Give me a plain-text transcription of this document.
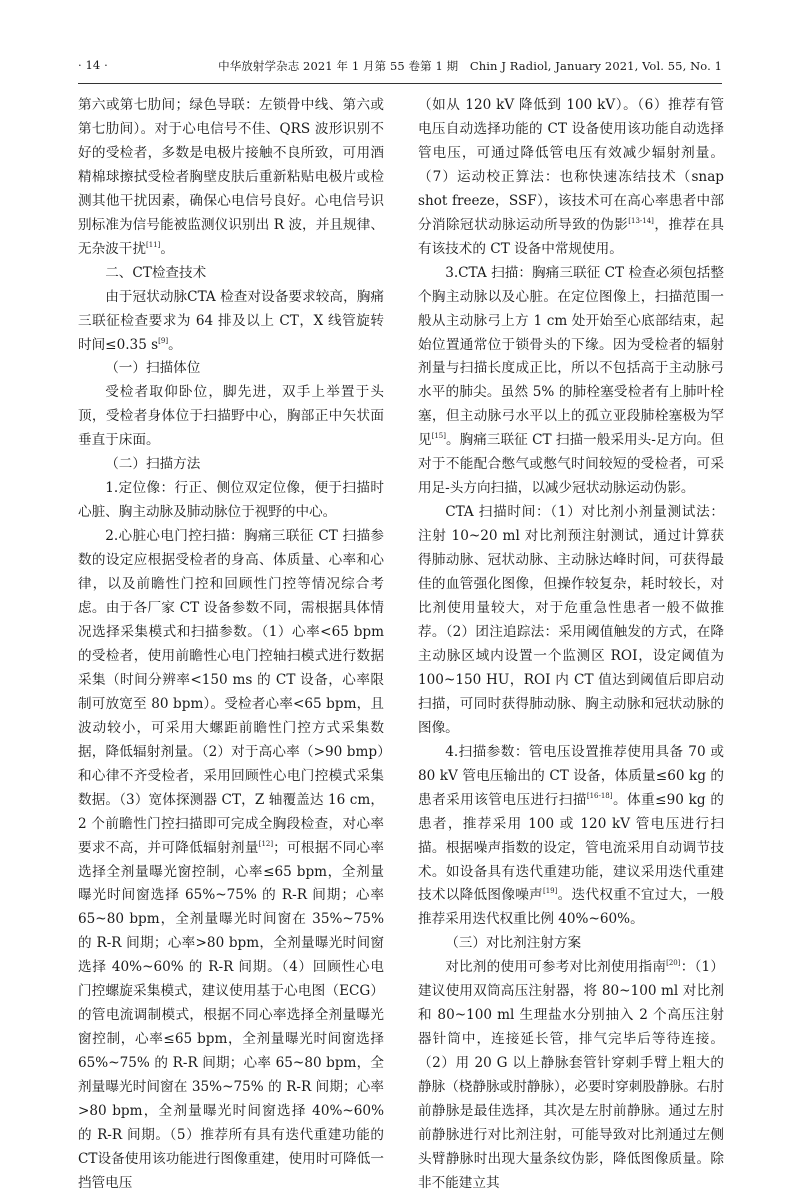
· 14 ·	中华放射学杂志 2021 年 1 月第 55 卷第 1 期　Chin J Radiol, January 2021, Vol. 55, No. 1

第六或第七肋间；绿色导联：左锁骨中线、第六或第七肋间）。对于心电信号不佳、QRS 波形识别不好的受检者，多数是电极片接触不良所致，可用酒精棉球擦拭受检者胸壁皮肤后重新粘贴电极片或检测其他干扰因素，确保心电信号良好。心电信号识别标准为信号能被监测仪识别出 R 波，并且规律、无杂波干扰[11]。

二、CT检查技术

由于冠状动脉CTA 检查对设备要求较高，胸痛三联征检查要求为 64 排及以上 CT，X 线管旋转时间≤0.35 s[9]。

（一）扫描体位

受检者取仰卧位，脚先进，双手上举置于头顶，受检者身体位于扫描野中心，胸部正中矢状面垂直于床面。

（二）扫描方法

1.定位像：行正、侧位双定位像，便于扫描时心脏、胸主动脉及肺动脉位于视野的中心。

2.心脏心电门控扫描：胸痛三联征 CT 扫描参数的设定应根据受检者的身高、体质量、心率和心律，以及前瞻性门控和回顾性门控等情况综合考虑。由于各厂家 CT 设备参数不同，需根据具体情况选择采集模式和扫描参数。（1）心率<65 bpm 的受检者，使用前瞻性心电门控轴扫模式进行数据采集（时间分辨率<150 ms 的 CT 设备，心率限制可放宽至 80 bpm）。受检者心率<65 bpm，且波动较小，可采用大螺距前瞻性门控方式采集数据，降低辐射剂量。（2）对于高心率（>90 bmp）和心律不齐受检者，采用回顾性心电门控模式采集数据。（3）宽体探测器 CT，Z 轴覆盖达 16 cm，2 个前瞻性门控扫描即可完成全胸段检查，对心率要求不高，并可降低辐射剂量[12]；可根据不同心率选择全剂量曝光窗控制，心率≤65 bpm，全剂量曝光时间窗选择 65%~75% 的 R-R 间期；心率 65~80 bpm，全剂量曝光时间窗在 35%~75% 的 R-R 间期；心率>80 bpm，全剂量曝光时间窗选择 40%~60% 的 R-R 间期。（4）回顾性心电门控螺旋采集模式，建议使用基于心电图（ECG）的管电流调制模式，根据不同心率选择全剂量曝光窗控制，心率≤65 bpm，全剂量曝光时间窗选择 65%~75% 的 R-R 间期；心率 65~80 bpm，全剂量曝光时间窗在 35%~75% 的 R-R 间期；心率>80 bpm，全剂量曝光时间窗选择 40%~60% 的 R-R 间期。（5）推荐所有具有迭代重建功能的CT设备使用该功能进行图像重建，使用时可降低一挡管电压

（如从 120 kV 降低到 100 kV）。（6）推荐有管电压自动选择功能的 CT 设备使用该功能自动选择管电压，可通过降低管电压有效减少辐射剂量。（7）运动校正算法：也称快速冻结技术（snap shot freeze，SSF），该技术可在高心率患者中部分消除冠状动脉运动所导致的伪影[13-14]，推荐在具有该技术的 CT 设备中常规使用。

3.CTA 扫描：胸痛三联征 CT 检查必须包括整个胸主动脉以及心脏。在定位图像上，扫描范围一般从主动脉弓上方 1 cm 处开始至心底部结束，起始位置通常位于锁骨头的下缘。因为受检者的辐射剂量与扫描长度成正比，所以不包括高于主动脉弓水平的肺尖。虽然 5% 的肺栓塞受检者有上肺叶栓塞，但主动脉弓水平以上的孤立亚段肺栓塞极为罕见[15]。胸痛三联征 CT 扫描一般采用头-足方向。但对于不能配合憋气或憋气时间较短的受检者，可采用足-头方向扫描，以减少冠状动脉运动伪影。

CTA 扫描时间：（1）对比剂小剂量测试法：注射 10~20 ml 对比剂预注射测试，通过计算获得肺动脉、冠状动脉、主动脉达峰时间，可获得最佳的血管强化图像，但操作较复杂，耗时较长，对比剂使用量较大，对于危重急性患者一般不做推荐。（2）团注追踪法：采用阈值触发的方式，在降主动脉区域内设置一个监测区 ROI，设定阈值为 100~150 HU，ROI 内 CT 值达到阈值后即启动扫描，可同时获得肺动脉、胸主动脉和冠状动脉的图像。

4.扫描参数：管电压设置推荐使用具备 70 或 80 kV 管电压输出的 CT 设备，体质量≤60 kg 的患者采用该管电压进行扫描[16-18]。体重≤90 kg 的患者，推荐采用 100 或 120 kV 管电压进行扫描。根据噪声指数的设定，管电流采用自动调节技术。如设备具有迭代重建功能，建议采用迭代重建技术以降低图像噪声[19]。迭代权重不宜过大，一般推荐采用迭代权重比例 40%~60%。

（三）对比剂注射方案

对比剂的使用可参考对比剂使用指南[20]：（1）建议使用双筒高压注射器，将 80~100 ml 对比剂和 80~100 ml 生理盐水分别抽入 2 个高压注射器针筒中，连接延长管，排气完毕后等待连接。（2）用 20 G 以上静脉套管针穿刺手臂上粗大的静脉（桡静脉或肘静脉），必要时穿刺股静脉。右肘前静脉是最佳选择，其次是左肘前静脉。通过左肘前静脉进行对比剂注射，可能导致对比剂通过左侧头臂静脉时出现大量条纹伪影，降低图像质量。除非不能建立其
